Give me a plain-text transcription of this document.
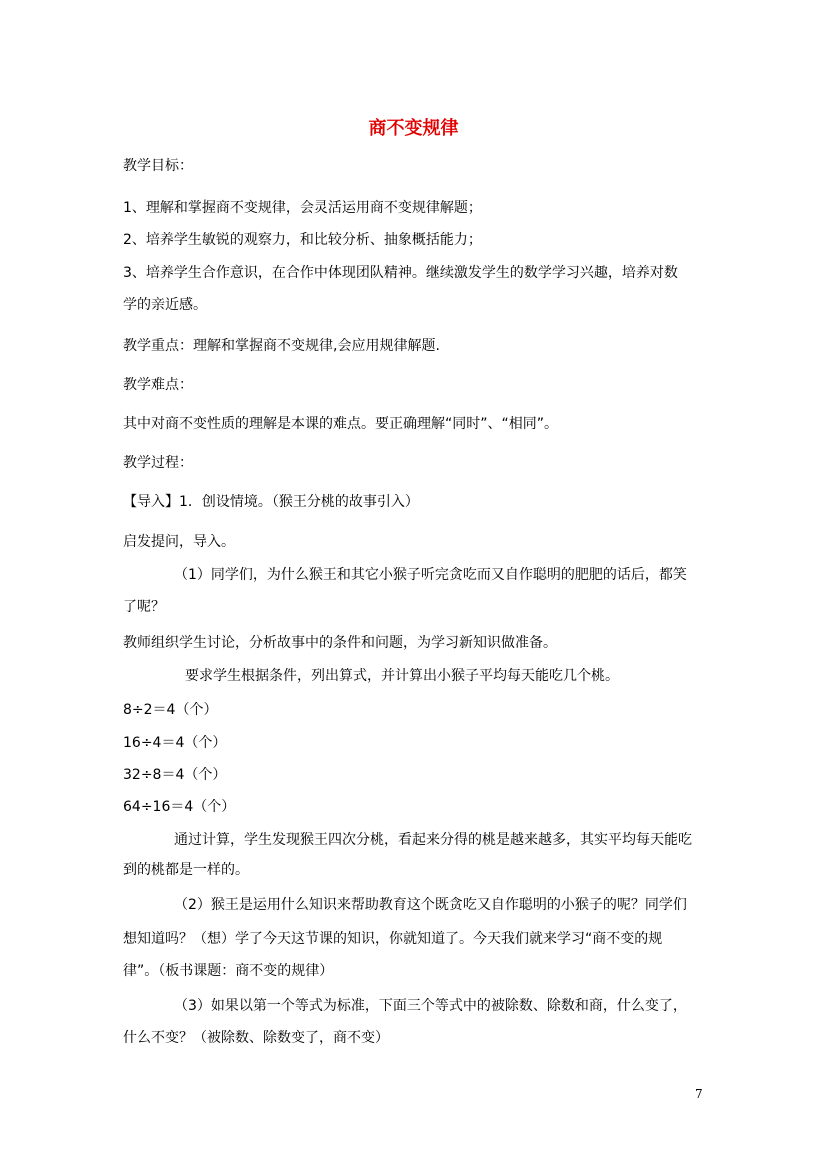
商不变规律
教学目标：
1、理解和掌握商不变规律，会灵活运用商不变规律解题；
2、培养学生敏锐的观察力，和比较分析、抽象概括能力；
3、培养学生合作意识，在合作中体现团队精神。继续激发学生的数学学习兴趣，培养对数
学的亲近感。
教学重点：理解和掌握商不变规律,会应用规律解题.
教学难点：
其中对商不变性质的理解是本课的难点。要正确理解“同时”、“相同”。
教学过程：
【导入】1．创设情境。（猴王分桃的故事引入）
启发提问，导入。
（1）同学们，为什么猴王和其它小猴子听完贪吃而又自作聪明的肥肥的话后，都笑
了呢？
教师组织学生讨论，分析故事中的条件和问题，为学习新知识做准备。
要求学生根据条件，列出算式，并计算出小猴子平均每天能吃几个桃。
8÷2＝4（个）
16÷4＝4（个）
32÷8＝4（个）
64÷16＝4（个）
通过计算，学生发现猴王四次分桃，看起来分得的桃是越来越多，其实平均每天能吃
到的桃都是一样的。
（2）猴王是运用什么知识来帮助教育这个既贪吃又自作聪明的小猴子的呢？同学们
想知道吗？（想）学了今天这节课的知识，你就知道了。今天我们就来学习“商不变的规
律”。（板书课题：商不变的规律）
（3）如果以第一个等式为标准，下面三个等式中的被除数、除数和商，什么变了，
什么不变？（被除数、除数变了，商不变）
7
